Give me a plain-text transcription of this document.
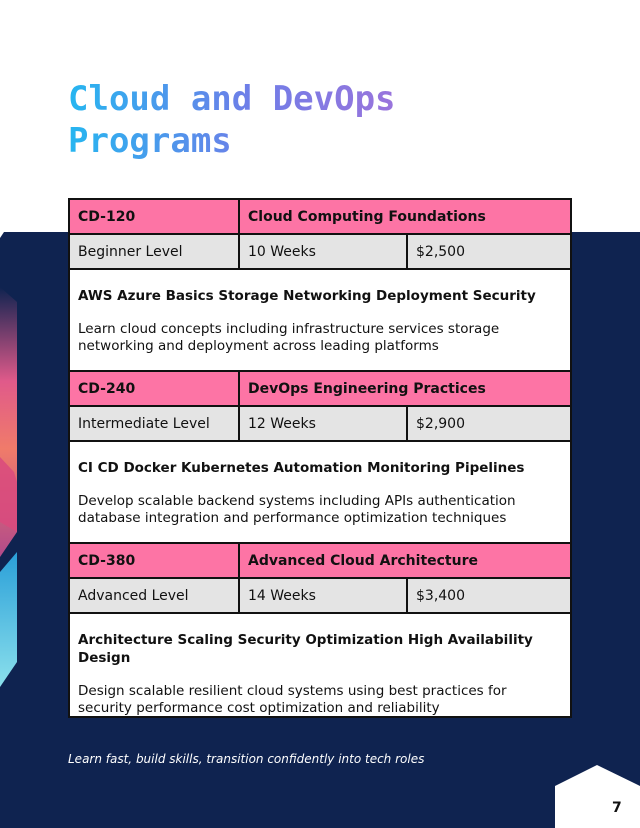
Cloud and DevOps
Programs
CD-120	Cloud Computing Foundations
Beginner Level	10 Weeks	$2,500
AWS Azure Basics Storage Networking Deployment Security
Learn cloud concepts including infrastructure services storage networking and deployment across leading platforms
CD-240	DevOps Engineering Practices
Intermediate Level	12 Weeks	$2,900
CI CD Docker Kubernetes Automation Monitoring Pipelines
Develop scalable backend systems including APIs authentication database integration and performance optimization techniques
CD-380	Advanced Cloud Architecture
Advanced Level	14 Weeks	$3,400
Architecture Scaling Security Optimization High Availability Design
Design scalable resilient cloud systems using best practices for security performance cost optimization and reliability
Learn fast, build skills, transition confidently into tech roles
7
